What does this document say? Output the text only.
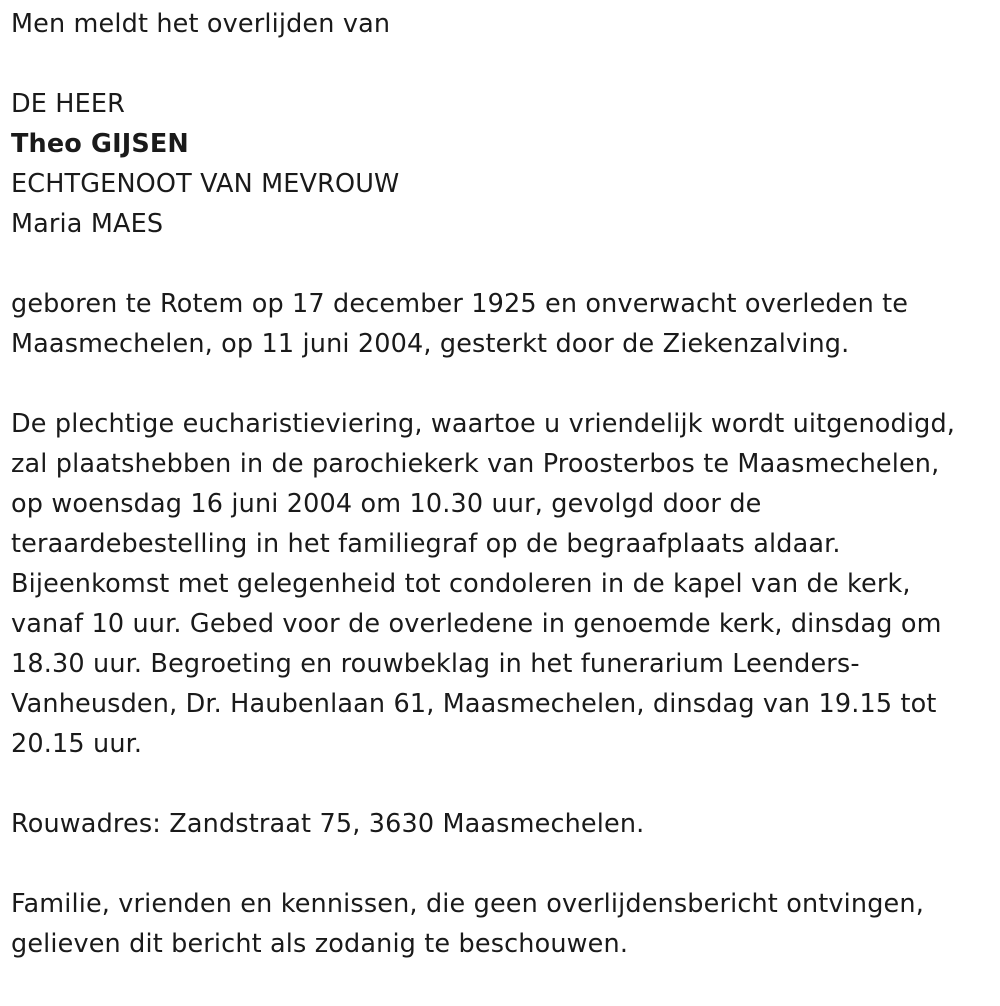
Men meldt het overlijden van
DE HEER
Theo GIJSEN
ECHTGENOOT VAN MEVROUW
Maria MAES
geboren te Rotem op 17 december 1925 en onverwacht overleden te
Maasmechelen, op 11 juni 2004, gesterkt door de Ziekenzalving.
De plechtige eucharistieviering, waartoe u vriendelijk wordt uitgenodigd,
zal plaatshebben in de parochiekerk van Proosterbos te Maasmechelen,
op woensdag 16 juni 2004 om 10.30 uur, gevolgd door de
teraardebestelling in het familiegraf op de begraafplaats aldaar.
Bijeenkomst met gelegenheid tot condoleren in de kapel van de kerk,
vanaf 10 uur. Gebed voor de overledene in genoemde kerk, dinsdag om
18.30 uur. Begroeting en rouwbeklag in het funerarium Leenders-
Vanheusden, Dr. Haubenlaan 61, Maasmechelen, dinsdag van 19.15 tot
20.15 uur.
Rouwadres: Zandstraat 75, 3630 Maasmechelen.
Familie, vrienden en kennissen, die geen overlijdensbericht ontvingen,
gelieven dit bericht als zodanig te beschouwen.
